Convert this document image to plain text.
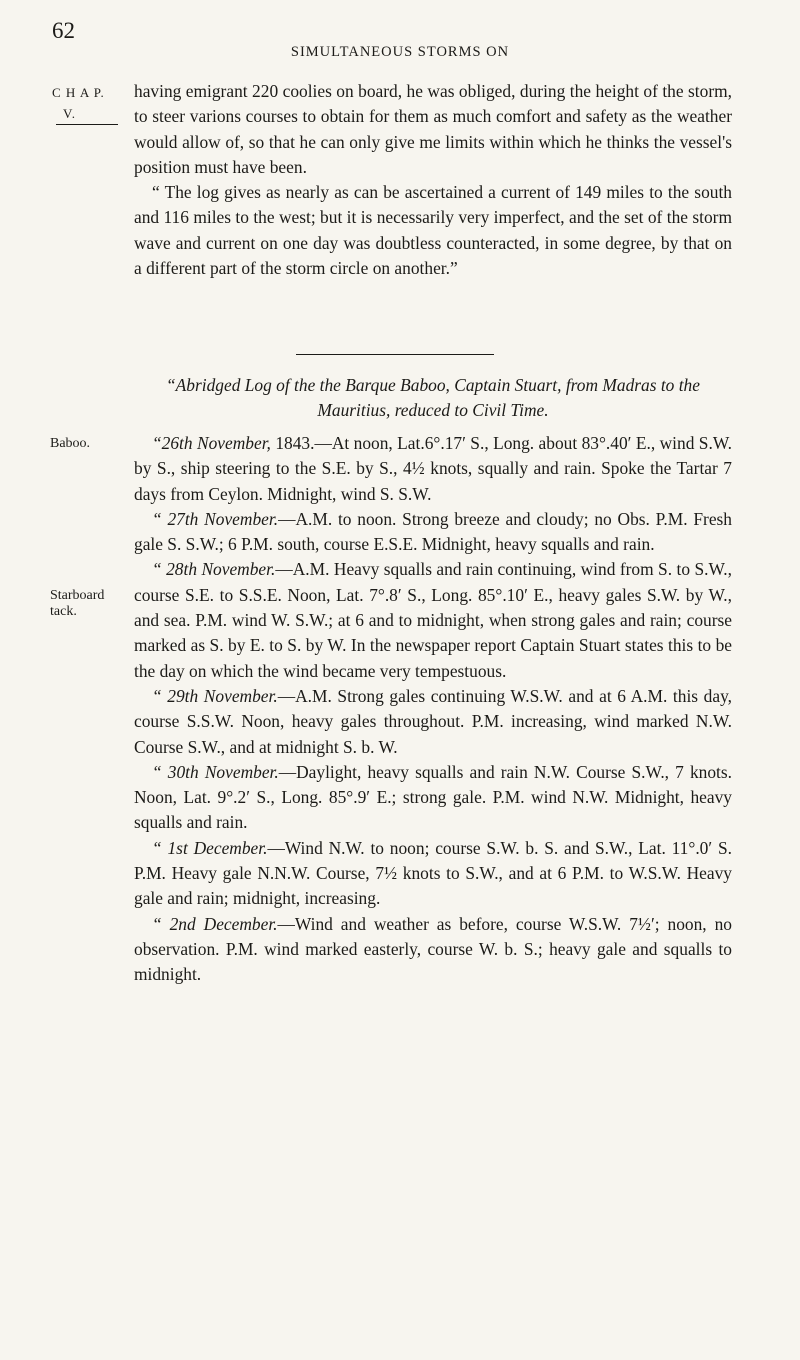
62
SIMULTANEOUS STORMS ON
C H A P.
V.

having emigrant 220 coolies on board, he was obliged, during the height of the storm, to steer varions courses to obtain for them as much comfort and safety as the weather would allow of, so that he can only give me limits within which he thinks the vessel's position must have been.

“ The log gives as nearly as can be ascertained a current of 149 miles to the south and 116 miles to the west; but it is necessarily very imperfect, and the set of the storm wave and current on one day was doubtless counteracted, in some degree, by that on a different part of the storm circle on another.”

“Abridged Log of the the Barque Baboo, Captain Stuart, from Madras to the Mauritius, reduced to Civil Time.
Baboo.
Starboard tack.

“26th November, 1843.—At noon, Lat.6°.17′ S., Long. about 83°.40′ E., wind S.W. by S., ship steering to the S.E. by S., 4½ knots, squally and rain. Spoke the Tartar 7 days from Ceylon. Midnight, wind S. S.W.

“ 27th November.—A.M. to noon. Strong breeze and cloudy; no Obs. P.M. Fresh gale S. S.W.; 6 P.M. south, course E.S.E. Midnight, heavy squalls and rain.

“ 28th November.—A.M. Heavy squalls and rain continuing, wind from S. to S.W., course S.E. to S.S.E. Noon, Lat. 7°.8′ S., Long. 85°.10′ E., heavy gales S.W. by W., and sea. P.M. wind W. S.W.; at 6 and to midnight, when strong gales and rain; course marked as S. by E. to S. by W. In the newspaper report Captain Stuart states this to be the day on which the wind became very tempestuous.

“ 29th November.—A.M. Strong gales continuing W.S.W. and at 6 A.M. this day, course S.S.W. Noon, heavy gales throughout. P.M. increasing, wind marked N.W. Course S.W., and at midnight S. b. W.

“ 30th November.—Daylight, heavy squalls and rain N.W. Course S.W., 7 knots. Noon, Lat. 9°.2′ S., Long. 85°.9′ E.; strong gale. P.M. wind N.W. Midnight, heavy squalls and rain.

“ 1st December.—Wind N.W. to noon; course S.W. b. S. and S.W., Lat. 11°.0′ S. P.M. Heavy gale N.N.W. Course, 7½ knots to S.W., and at 6 P.M. to W.S.W. Heavy gale and rain; midnight, increasing.

“ 2nd December.—Wind and weather as before, course W.S.W. 7½′; noon, no observation. P.M. wind marked easterly, course W. b. S.; heavy gale and squalls to midnight.
